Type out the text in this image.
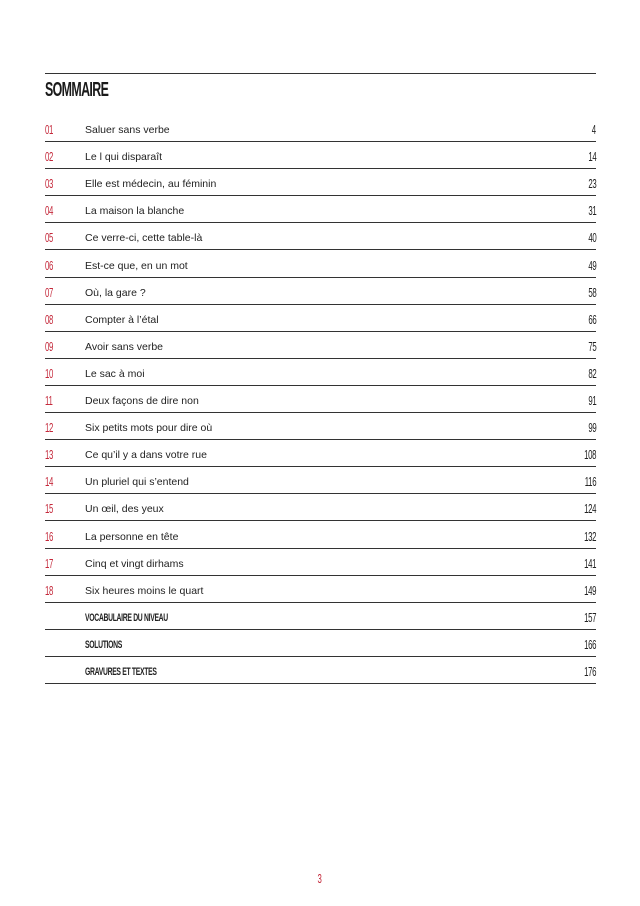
SOMMAIRE
01	Saluer sans verbe	4
02	Le l qui disparaît	14
03	Elle est médecin, au féminin	23
04	La maison la blanche	31
05	Ce verre-ci, cette table-là	40
06	Est-ce que, en un mot	49
07	Où, la gare ?	58
08	Compter à l’étal	66
09	Avoir sans verbe	75
10	Le sac à moi	82
11	Deux façons de dire non	91
12	Six petits mots pour dire où	99
13	Ce qu’il y a dans votre rue	108
14	Un pluriel qui s’entend	116
15	Un œil, des yeux	124
16	La personne en tête	132
17	Cinq et vingt dirhams	141
18	Six heures moins le quart	149
VOCABULAIRE DU NIVEAU	157
SOLUTIONS	166
GRAVURES ET TEXTES	176
3
